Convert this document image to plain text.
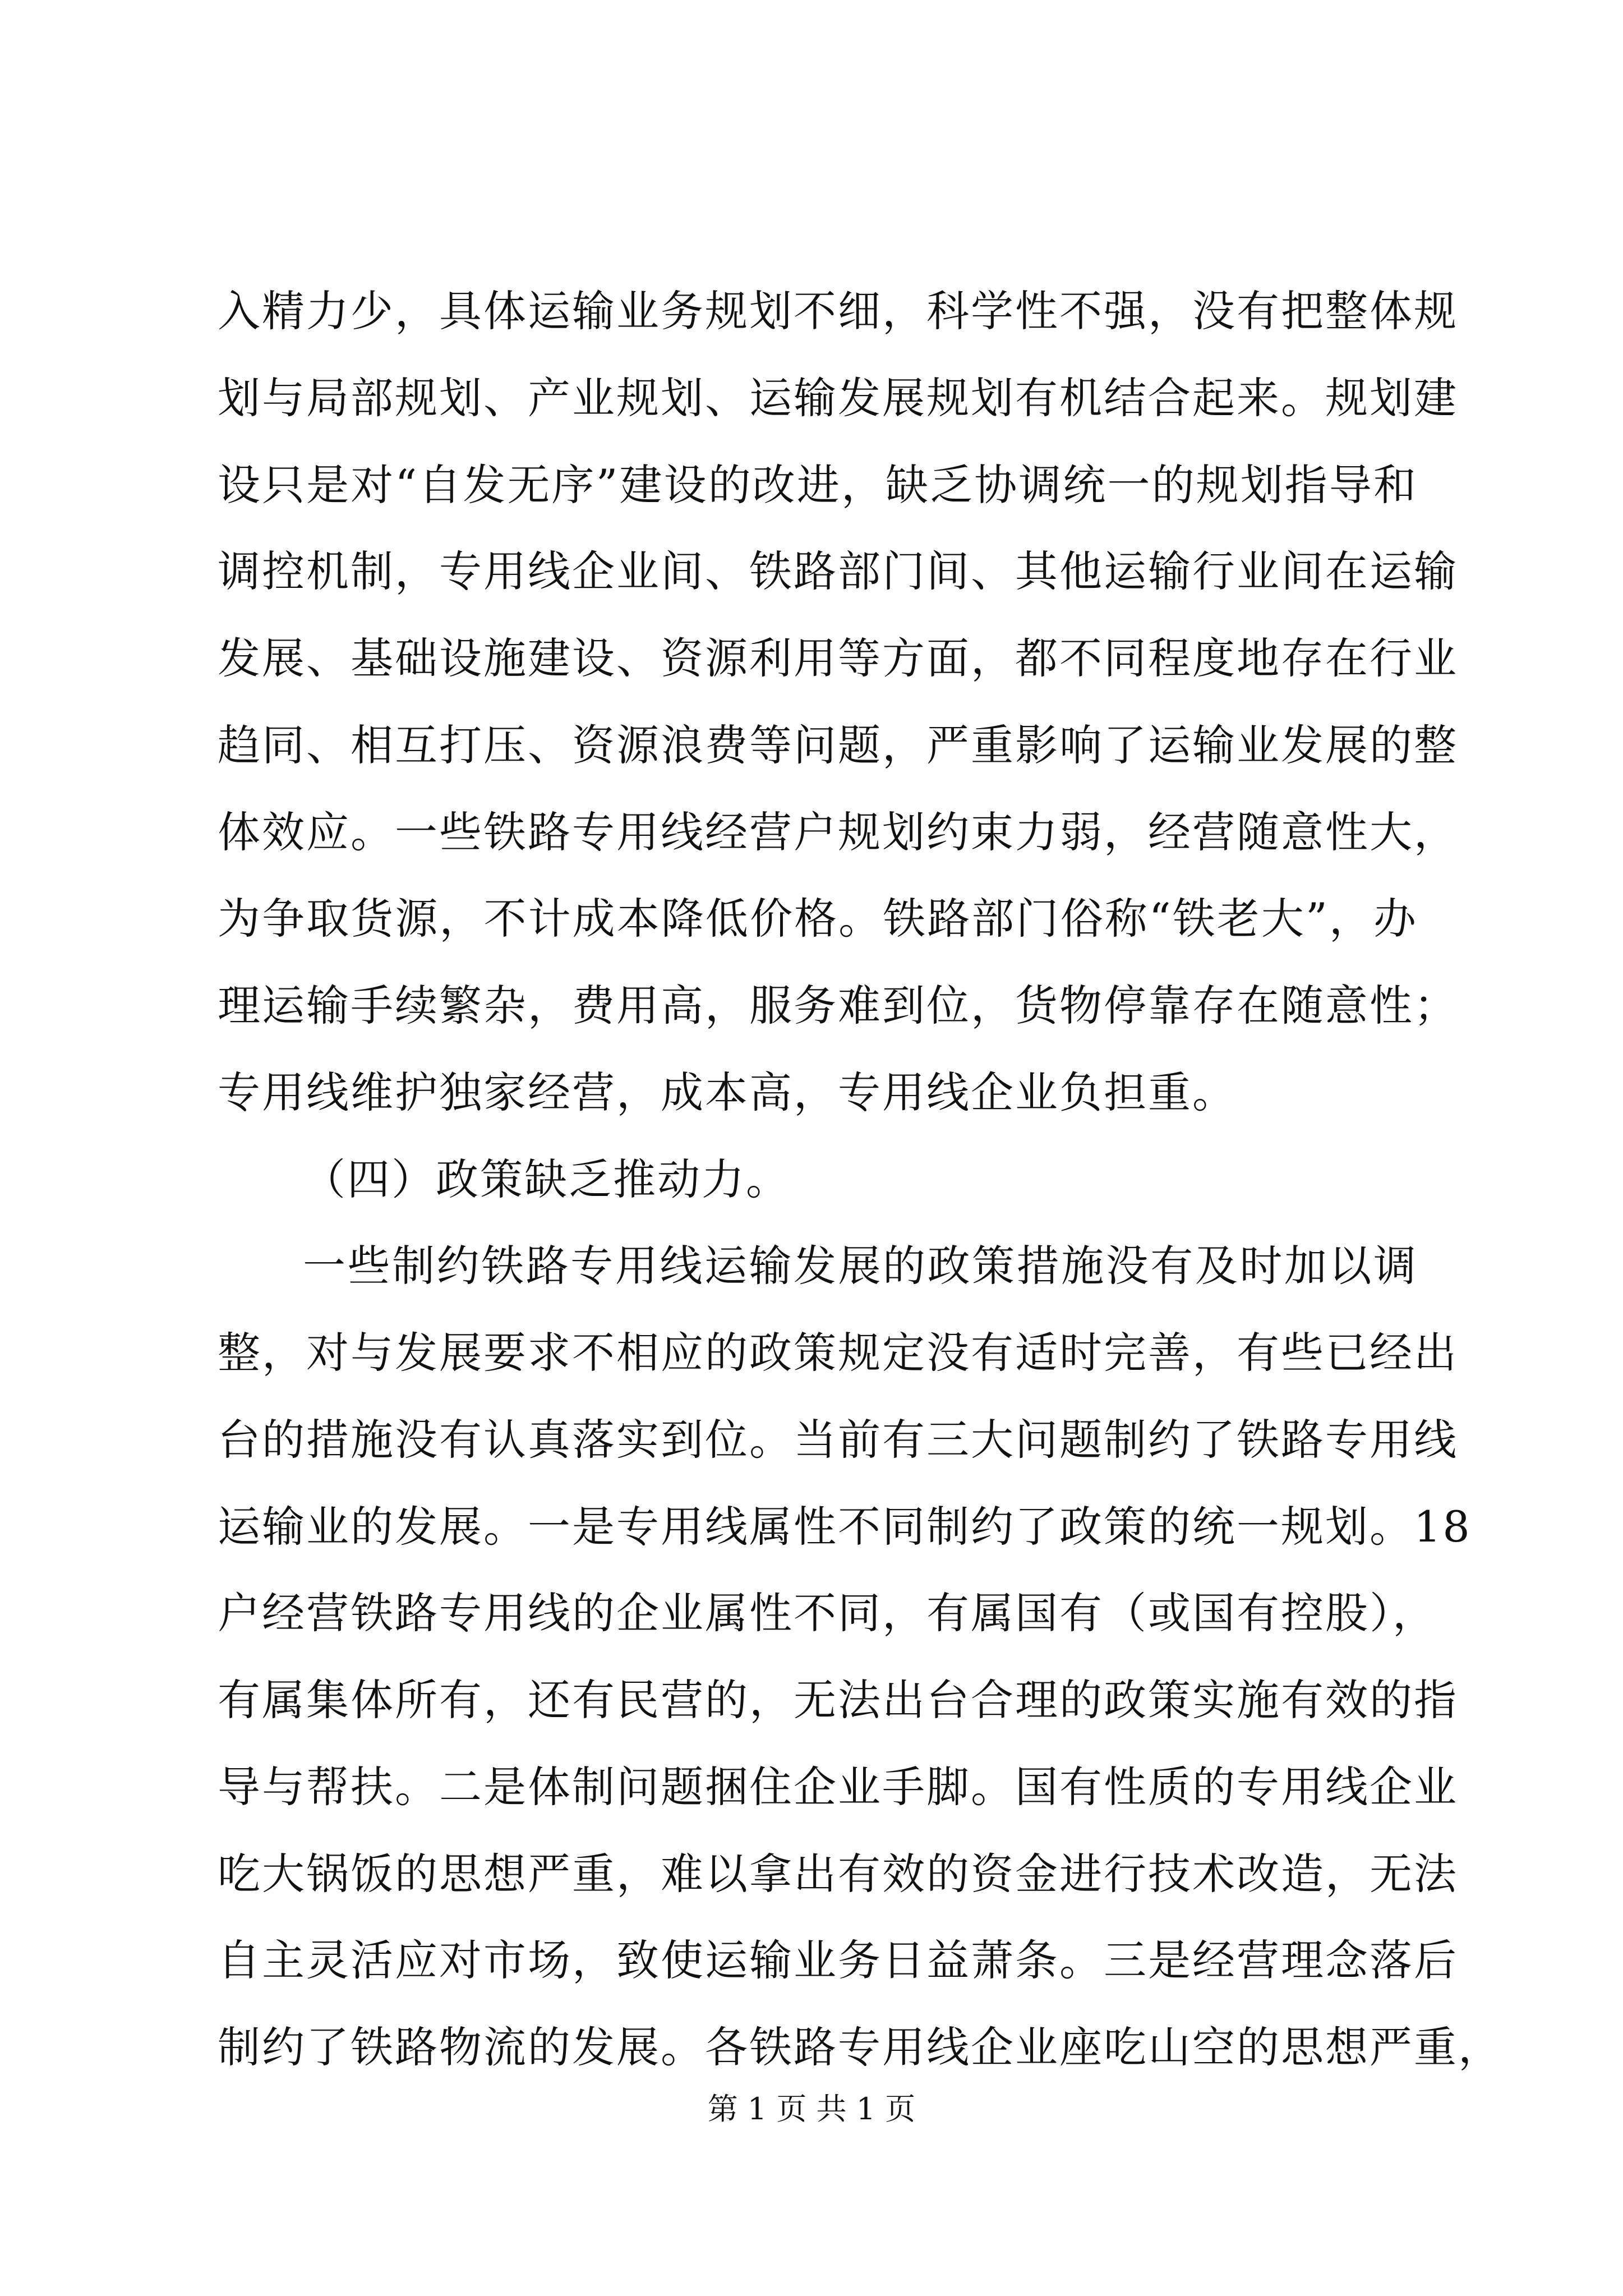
入精力少，具体运输业务规划不细，科学性不强，没有把整体规
划与局部规划、产业规划、运输发展规划有机结合起来。规划建
设只是对“自发无序”建设的改进，缺乏协调统一的规划指导和
调控机制，专用线企业间、铁路部门间、其他运输行业间在运输
发展、基础设施建设、资源利用等方面，都不同程度地存在行业
趋同、相互打压、资源浪费等问题，严重影响了运输业发展的整
体效应。一些铁路专用线经营户规划约束力弱，经营随意性大，
为争取货源，不计成本降低价格。铁路部门俗称“铁老大”，办
理运输手续繁杂，费用高，服务难到位，货物停靠存在随意性；
专用线维护独家经营，成本高，专用线企业负担重。
（四）政策缺乏推动力。
一些制约铁路专用线运输发展的政策措施没有及时加以调
整，对与发展要求不相应的政策规定没有适时完善，有些已经出
台的措施没有认真落实到位。当前有三大问题制约了铁路专用线
运输业的发展。一是专用线属性不同制约了政策的统一规划。18
户经营铁路专用线的企业属性不同，有属国有（或国有控股），
有属集体所有，还有民营的，无法出台合理的政策实施有效的指
导与帮扶。二是体制问题捆住企业手脚。国有性质的专用线企业
吃大锅饭的思想严重，难以拿出有效的资金进行技术改造，无法
自主灵活应对市场，致使运输业务日益萧条。三是经营理念落后
制约了铁路物流的发展。各铁路专用线企业座吃山空的思想严重，
第 1 页 共 1 页
